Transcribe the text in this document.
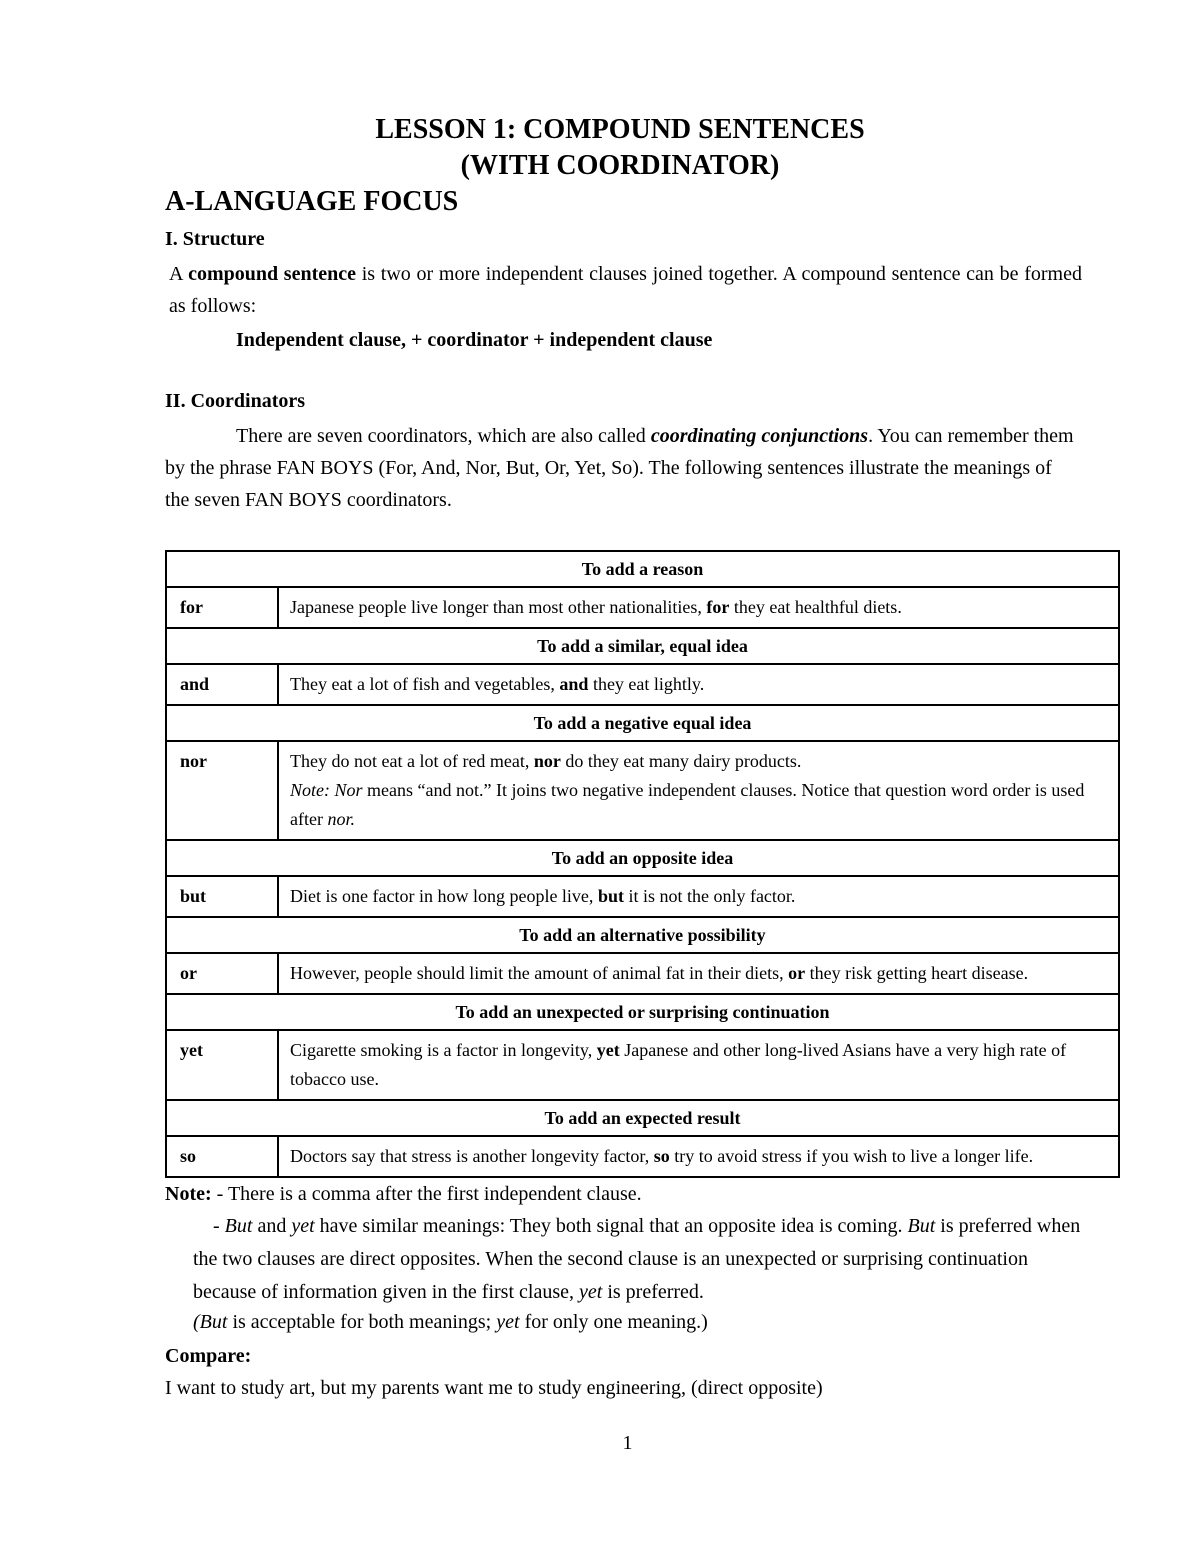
LESSON 1: COMPOUND SENTENCES
(WITH COORDINATOR)
A-LANGUAGE FOCUS
I. Structure
A compound sentence is two or more independent clauses joined together. A compound sentence can be formed as follows:
Independent clause, + coordinator + independent clause
II. Coordinators
There are seven coordinators, which are also called coordinating conjunctions. You can remember them by the phrase FAN BOYS (For, And, Nor, But, Or, Yet, So). The following sentences illustrate the meanings of the seven FAN BOYS coordinators.
To add a reason	
for	Japanese people live longer than most other nationalities, for they eat healthful diets.
To add a similar, equal idea	
and	They eat a lot of fish and vegetables, and they eat lightly.
To add a negative equal idea	
nor	They do not eat a lot of red meat, nor do they eat many dairy products.
Note: Nor means “and not.” It joins two negative independent clauses. Notice that question word order is used after nor.
To add an opposite idea	
but	Diet is one factor in how long people live, but it is not the only factor.
To add an alternative possibility	
or	However, people should limit the amount of animal fat in their diets, or they risk getting heart disease.
To add an unexpected or surprising continuation	
yet	Cigarette smoking is a factor in longevity, yet Japanese and other long-lived Asians have a very high rate of tobacco use.
To add an expected result	
so	Doctors say that stress is another longevity factor, so try to avoid stress if you wish to live a longer life.
Note: - There is a comma after the first independent clause.
- But and yet have similar meanings: They both signal that an opposite idea is coming. But is preferred when the two clauses are direct opposites. When the second clause is an unexpected or surprising continuation because of information given in the first clause, yet is preferred.
(But is acceptable for both meanings; yet for only one meaning.)
Compare:
I want to study art, but my parents want me to study engineering, (direct opposite)
1
